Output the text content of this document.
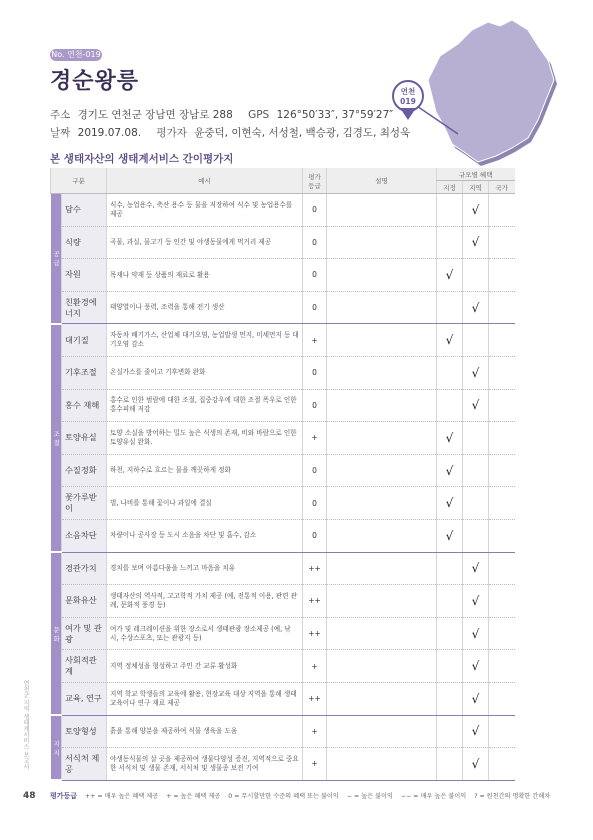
No. 연천-019
경순왕릉
주소 경기도 연천군 장남면 장남로 288 GPS 126°50′33″, 37°59′27″
날짜 2019.07.08. 평가자 윤중덕, 이현숙, 서성철, 백승광, 김경도, 최성욱
연천
019
본 생태자산의 생태계서비스 간이평가지
구분		예시	평가 등급	설명	규모별 혜택		
					지정	지역	국가
공급	담수	식수, 농업용수, 축산 용수 등 물을 저장하여 식수 및 농업용수를 제공	0			√	
	식량	곡물, 과실, 물고기 등 인간 및 야생동물에게 먹거리 제공	0			√	
	자원	목재나 약재 등 상품의 재료로 활용	0		√		
	친환경에너지	태양열이나 풍력, 조력을 통해 전기 생산	0			√	
조절	대기질	자동차 배기가스, 산업체 대기오염, 농업발생 먼지, 미세먼지 등 대기오염 감소	+		√		
	기후조절	온실가스를 줄이고 기후변화 완화	0			√	
	홍수 재해	홍수로 인한 범람에 대한 조절, 집중강우에 대한 조절 폭우로 인한 홍수피해 저감	0			√	
	토양유실	토양 소실을 방어하는 밀도 높은 식생의 존재, 비와 바람으로 인한 토양유실 완화.	+		√		
	수질정화	하천, 지하수로 흐르는 물을 깨끗하게 정화	0		√		
	꽃가루받이	벌, 나비를 통해 꽃이나 과일에 결실	0		√		
	소음차단	차량이나 공사장 등 도시 소음을 차단 및 흡수, 감소	0		√		
문화	경관가치	경치를 보며 아름다움을 느끼고 마음을 치유	++			√	
	문화유산	생태자산의 역사적, 고고학적 가치 제공 (예, 전통적 이용, 관련 관례, 문화적 풍경 등)	++			√	
	여가 및 관광	여가 및 레크레이션을 위한 장소로서 생태관광 장소제공 (예, 낚시, 수상스포츠, 또는 관광지 등)	++			√	
	사회적관계	지역 정체성을 형성하고 주민 간 교류 활성화	+			√	
	교육, 연구	지역 학교 학생들의 교육에 활용, 현장교육 대상 지역을 통해 생태교육이나 연구 재료 제공	++			√	
지지	토양형성	흙을 통해 양분을 제공하여 식물 생육을 도움	+			√	
	서식처 제공	야생동식물의 살 곳을 제공하여 생물다양성 증진, 지역적으로 중요한 서식처 및 생물 존재, 서식처 및 생물종 보전 기여	+			√	
연천군 지역 생태계서비스 보고서
48 평가등급 ++ = 매우 높은 혜택 제공 + = 높은 혜택 제공 0 = 무시할만한 수준의 혜택 또는 불이익 − = 높은 불이익 −− = 매우 높은 불이익 ? = 원천간의 명확한 간해차
